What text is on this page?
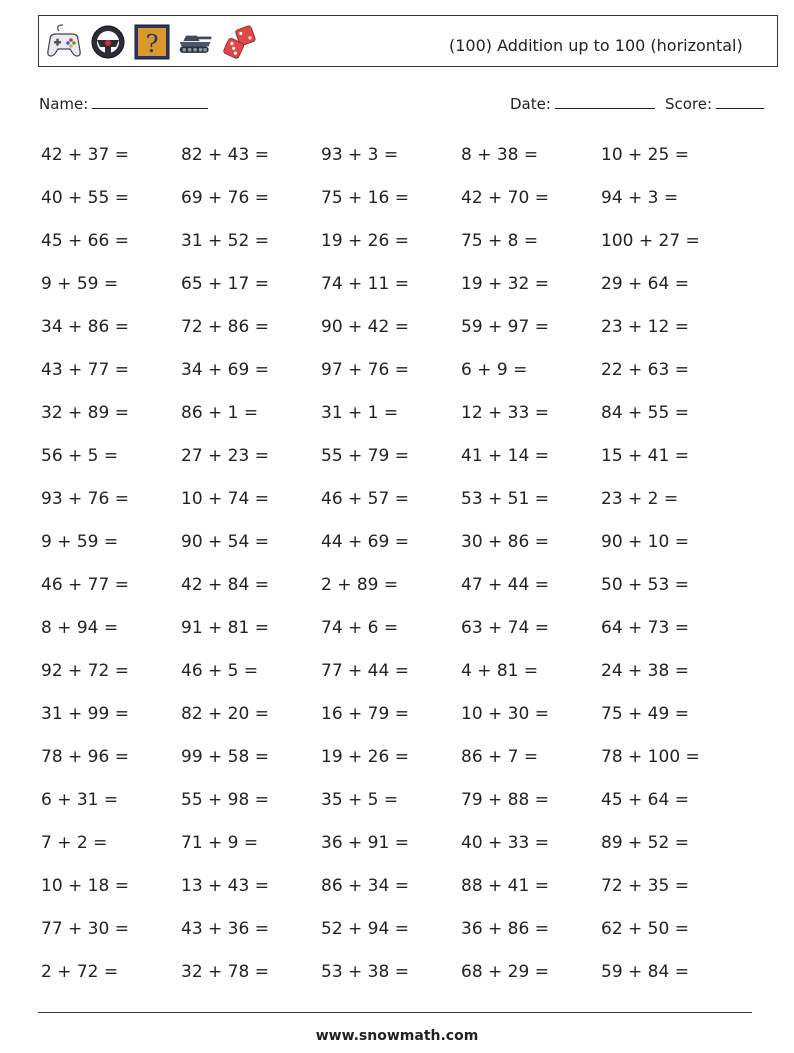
?	(100) Addition up to 100 (horizontal)
Name:	Date:	Score:
42 + 37 =	82 + 43 =	93 + 3 =	8 + 38 =	10 + 25 =
40 + 55 =	69 + 76 =	75 + 16 =	42 + 70 =	94 + 3 =
45 + 66 =	31 + 52 =	19 + 26 =	75 + 8 =	100 + 27 =
9 + 59 =	65 + 17 =	74 + 11 =	19 + 32 =	29 + 64 =
34 + 86 =	72 + 86 =	90 + 42 =	59 + 97 =	23 + 12 =
43 + 77 =	34 + 69 =	97 + 76 =	6 + 9 =	22 + 63 =
32 + 89 =	86 + 1 =	31 + 1 =	12 + 33 =	84 + 55 =
56 + 5 =	27 + 23 =	55 + 79 =	41 + 14 =	15 + 41 =
93 + 76 =	10 + 74 =	46 + 57 =	53 + 51 =	23 + 2 =
9 + 59 =	90 + 54 =	44 + 69 =	30 + 86 =	90 + 10 =
46 + 77 =	42 + 84 =	2 + 89 =	47 + 44 =	50 + 53 =
8 + 94 =	91 + 81 =	74 + 6 =	63 + 74 =	64 + 73 =
92 + 72 =	46 + 5 =	77 + 44 =	4 + 81 =	24 + 38 =
31 + 99 =	82 + 20 =	16 + 79 =	10 + 30 =	75 + 49 =
78 + 96 =	99 + 58 =	19 + 26 =	86 + 7 =	78 + 100 =
6 + 31 =	55 + 98 =	35 + 5 =	79 + 88 =	45 + 64 =
7 + 2 =	71 + 9 =	36 + 91 =	40 + 33 =	89 + 52 =
10 + 18 =	13 + 43 =	86 + 34 =	88 + 41 =	72 + 35 =
77 + 30 =	43 + 36 =	52 + 94 =	36 + 86 =	62 + 50 =
2 + 72 =	32 + 78 =	53 + 38 =	68 + 29 =	59 + 84 =
www.snowmath.com
